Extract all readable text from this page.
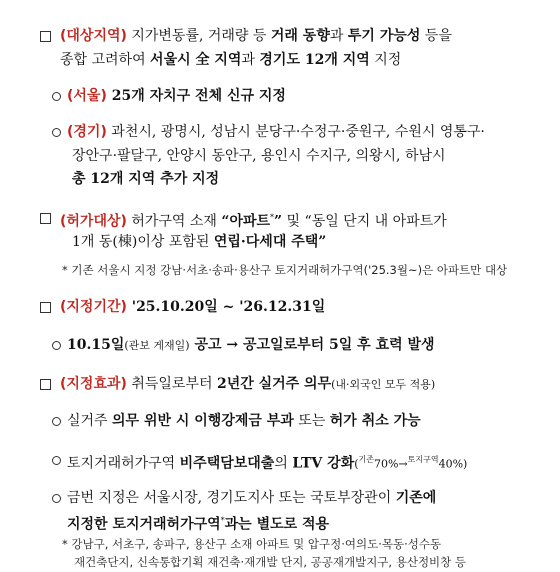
(대상지역) 지가변동률, 거래량 등 거래 동향과 투기 가능성 등을
종합 고려하여 서울시 全 지역과 경기도 12개 지역 지정
(서울) 25개 자치구 전체 신규 지정
(경기) 과천시, 광명시, 성남시 분당구·수정구·중원구, 수원시 영통구·
장안구·팔달구, 안양시 동안구, 용인시 수지구, 의왕시, 하남시
총 12개 지역 추가 지정
(허가대상) 허가구역 소재 “아파트*” 및 “동일 단지 내 아파트가
1개 동(棟)이상 포함된 연립·다세대 주택”
* 기존 서울시 지정 강남·서초·송파·용산구 토지거래허가구역('25.3월~)은 아파트만 대상
(지정기간) '25.10.20일 ~ '26.12.31일
10.15일(관보 게재일) 공고 → 공고일로부터 5일 후 효력 발생
(지정효과) 취득일로부터 2년간 실거주 의무(내·외국인 모두 적용)
실거주 의무 위반 시 이행강제금 부과 또는 허가 취소 가능
토지거래허가구역 비주택담보대출의 LTV 강화($^{기존}$70%→$^{토지구역}$40%)
금번 지정은 서울시장, 경기도지사 또는 국토부장관이 기존에
지정한 토지거래허가구역*과는 별도로 적용
* 강남구, 서초구, 송파구, 용산구 소재 아파트 및 압구정·여의도·목동·성수동
재건축단지, 신속통합기획 재건축·재개발 단지, 공공재개발지구, 용산정비창 등
